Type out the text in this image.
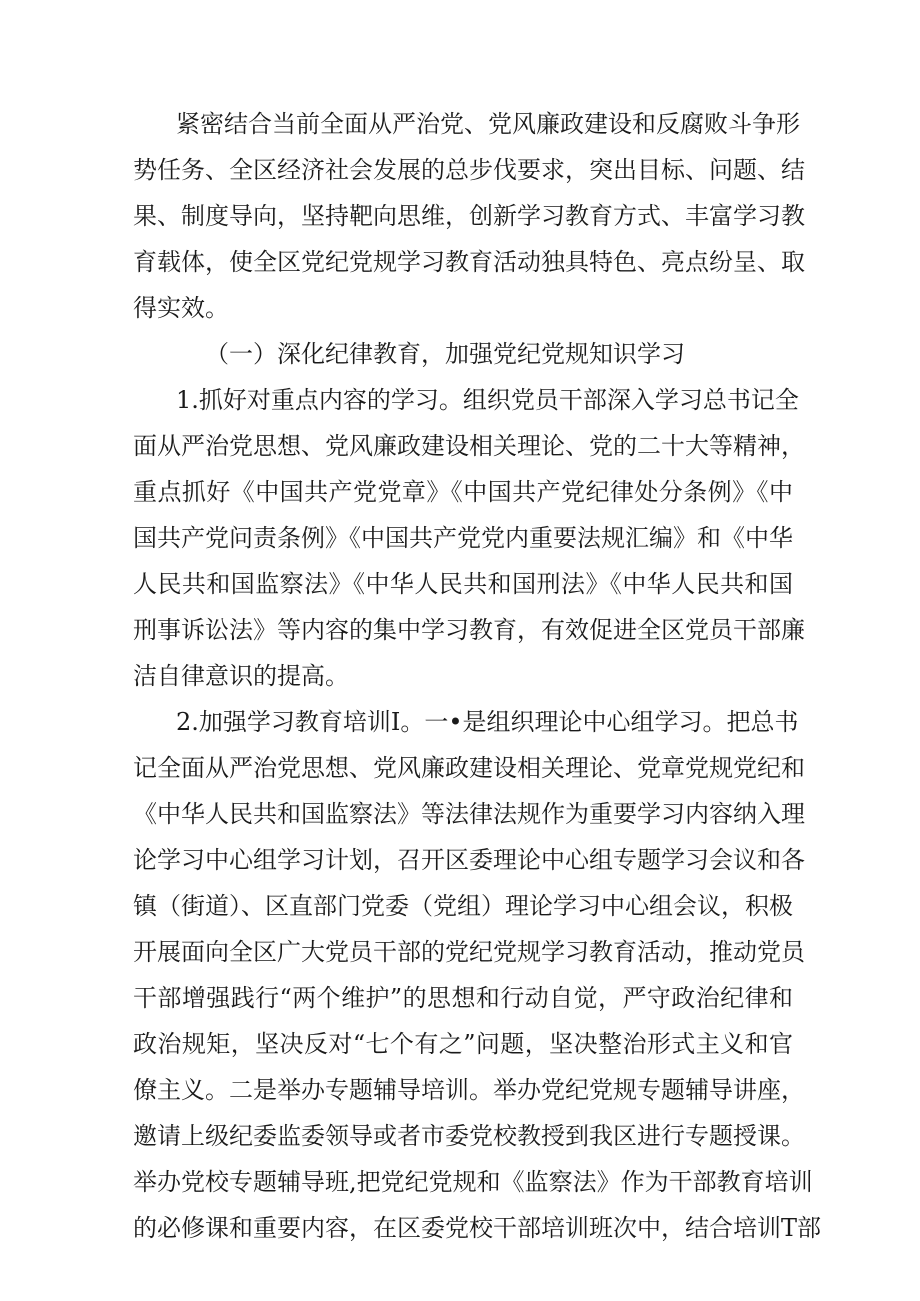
紧密结合当前全面从严治党、党风廉政建设和反腐败斗争形
势任务、全区经济社会发展的总步伐要求，突出目标、问题、结
果、制度导向，坚持靶向思维，创新学习教育方式、丰富学习教
育载体，使全区党纪党规学习教育活动独具特色、亮点纷呈、取
得实效。
（一）深化纪律教育，加强党纪党规知识学习
1.抓好对重点内容的学习。组织党员干部深入学习总书记全
面从严治党思想、党风廉政建设相关理论、党的二十大等精神，
重点抓好《中国共产党党章》《中国共产党纪律处分条例》《中
国共产党问责条例》《中国共产党党内重要法规汇编》和《中华
人民共和国监察法》《中华人民共和国刑法》《中华人民共和国
刑事诉讼法》等内容的集中学习教育，有效促进全区党员干部廉
洁自律意识的提高。
2.加强学习教育培训I。一•是组织理论中心组学习。把总书
记全面从严治党思想、党风廉政建设相关理论、党章党规党纪和
《中华人民共和国监察法》等法律法规作为重要学习内容纳入理
论学习中心组学习计划，召开区委理论中心组专题学习会议和各
镇（街道）、区直部门党委（党组）理论学习中心组会议，积极
开展面向全区广大党员干部的党纪党规学习教育活动，推动党员
干部增强践行“两个维护”的思想和行动自觉，严守政治纪律和
政治规矩，坚决反对“七个有之”问题，坚决整治形式主义和官
僚主义。二是举办专题辅导培训。举办党纪党规专题辅导讲座，
邀请上级纪委监委领导或者市委党校教授到我区进行专题授课。
举办党校专题辅导班,把党纪党规和《监察法》作为干部教育培训
的必修课和重要内容，在区委党校干部培训班次中，结合培训T部
